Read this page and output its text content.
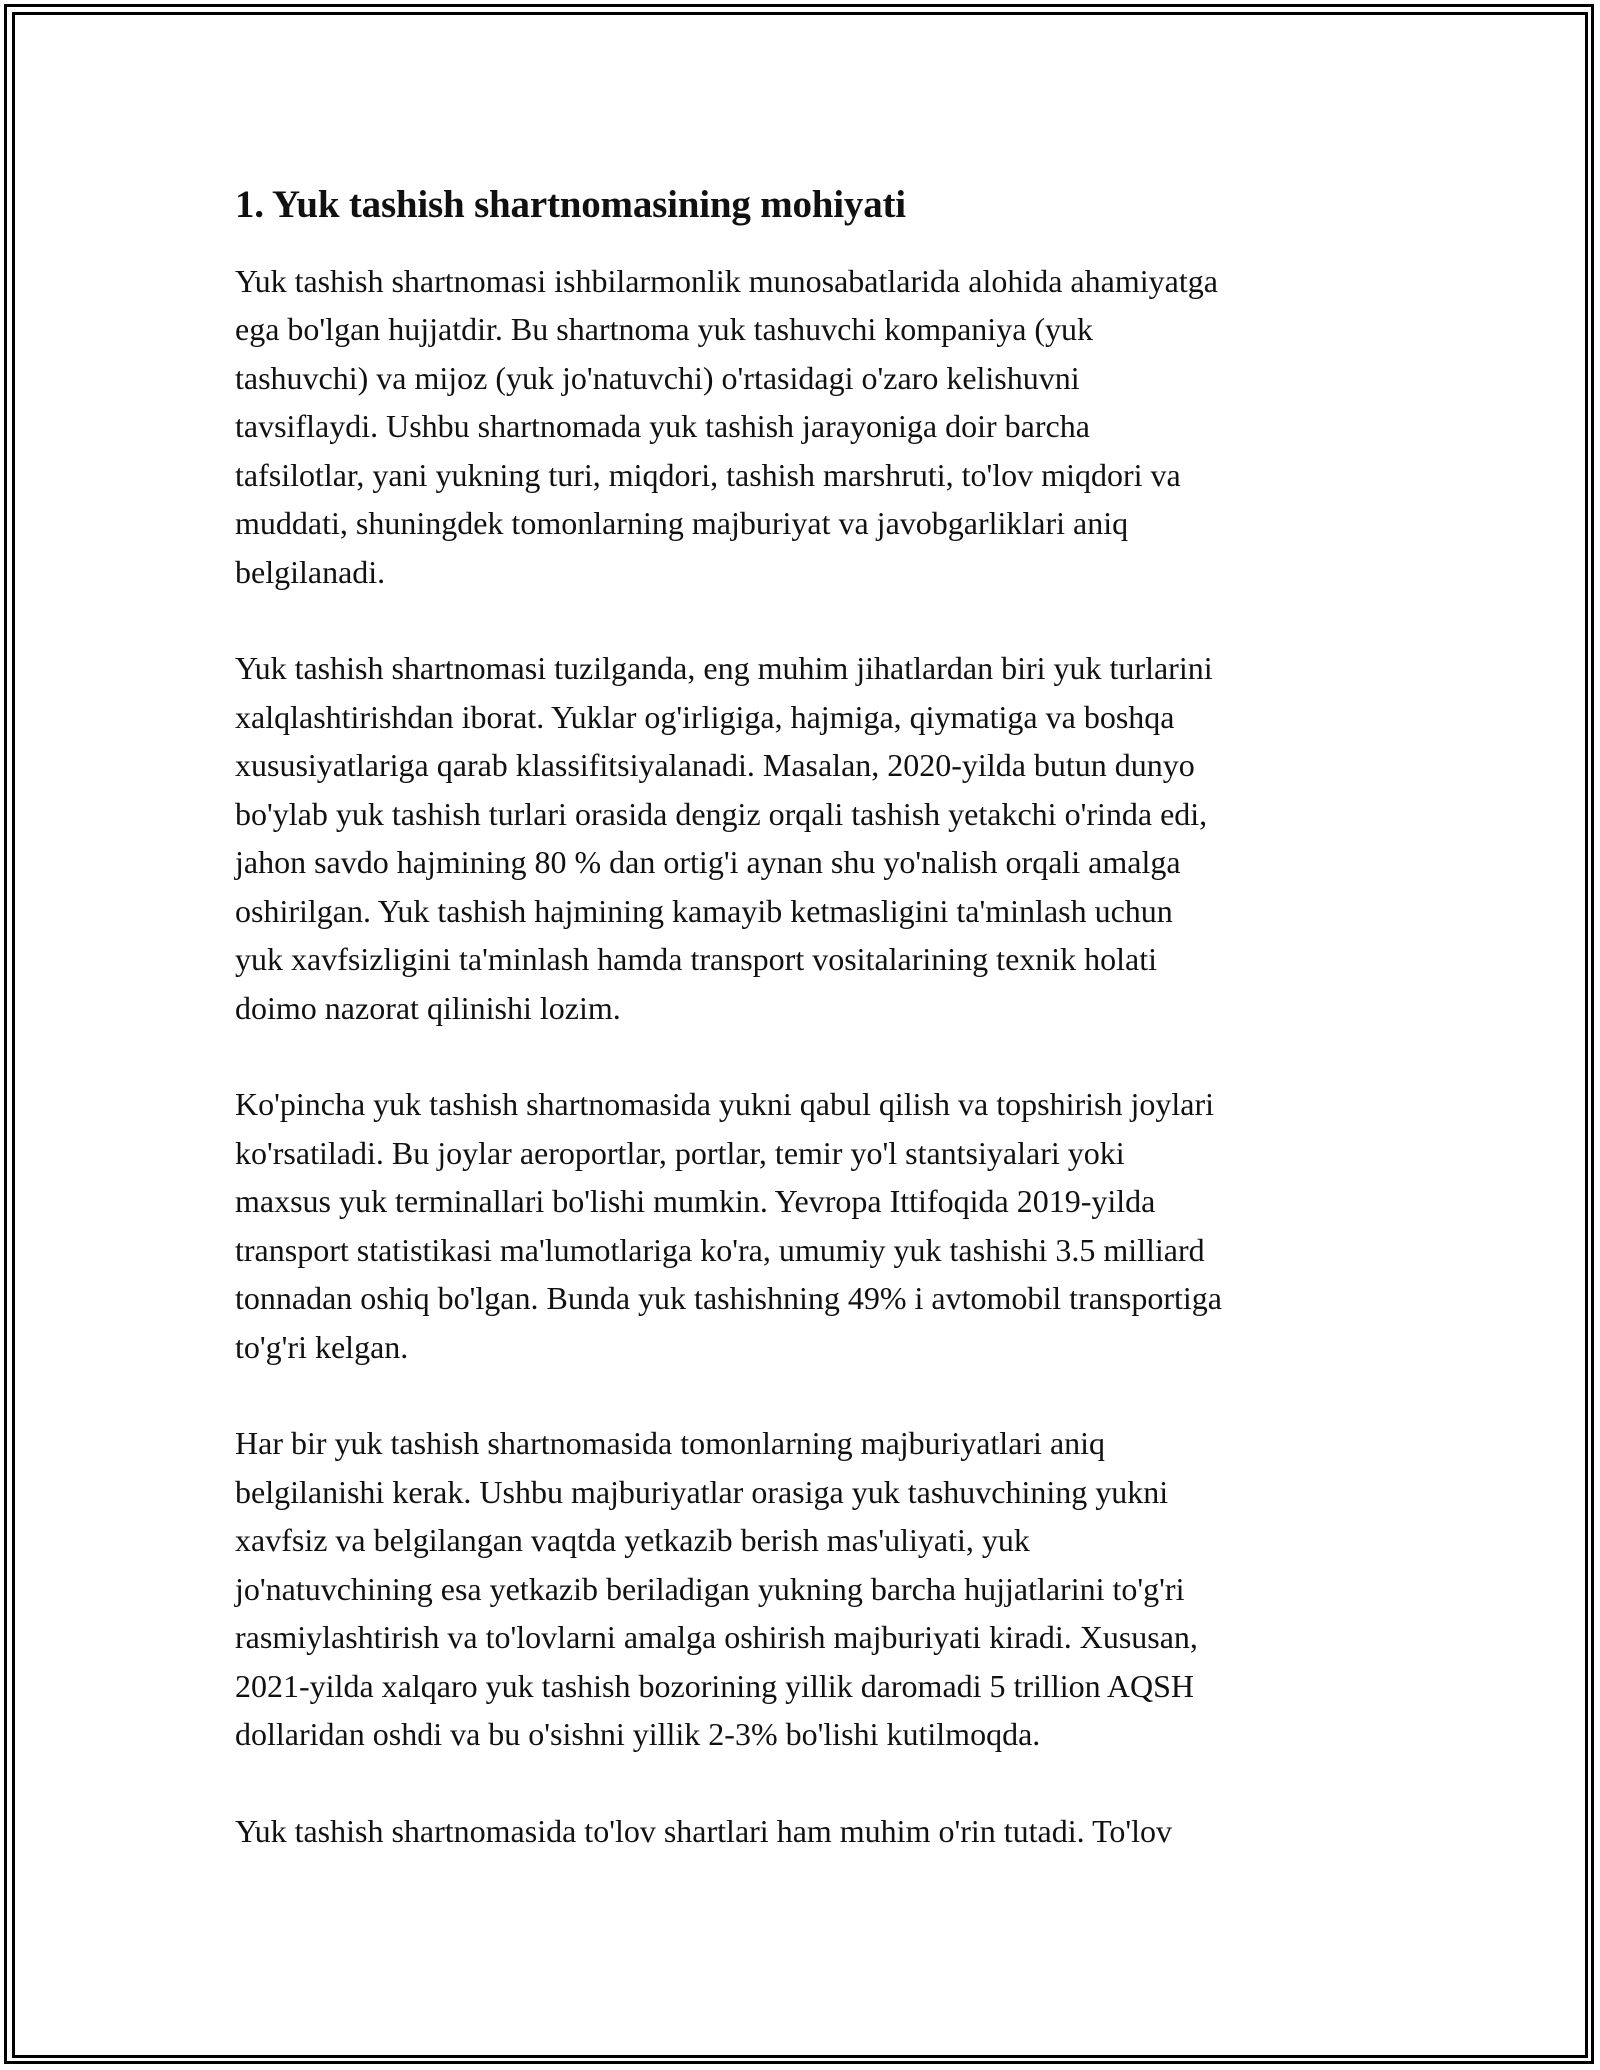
1. Yuk tashish shartnomasining mohiyati

Yuk tashish shartnomasi ishbilarmonlik munosabatlarida alohida ahamiyatga
ega bo'lgan hujjatdir. Bu shartnoma yuk tashuvchi kompaniya (yuk
tashuvchi) va mijoz (yuk jo'natuvchi) o'rtasidagi o'zaro kelishuvni
tavsiflaydi. Ushbu shartnomada yuk tashish jarayoniga doir barcha
tafsilotlar, yani yukning turi, miqdori, tashish marshruti, to'lov miqdori va
muddati, shuningdek tomonlarning majburiyat va javobgarliklari aniq
belgilanadi.

Yuk tashish shartnomasi tuzilganda, eng muhim jihatlardan biri yuk turlarini
xalqlashtirishdan iborat. Yuklar og'irligiga, hajmiga, qiymatiga va boshqa
xususiyatlariga qarab klassifitsiyalanadi. Masalan, 2020-yilda butun dunyo
bo'ylab yuk tashish turlari orasida dengiz orqali tashish yetakchi o'rinda edi,
jahon savdo hajmining 80 % dan ortig'i aynan shu yo'nalish orqali amalga
oshirilgan. Yuk tashish hajmining kamayib ketmasligini ta'minlash uchun
yuk xavfsizligini ta'minlash hamda transport vositalarining texnik holati
doimo nazorat qilinishi lozim.

Ko'pincha yuk tashish shartnomasida yukni qabul qilish va topshirish joylari
ko'rsatiladi. Bu joylar aeroportlar, portlar, temir yo'l stantsiyalari yoki
maxsus yuk terminallari bo'lishi mumkin. Yevropa Ittifoqida 2019-yilda
transport statistikasi ma'lumotlariga ko'ra, umumiy yuk tashishi 3.5 milliard
tonnadan oshiq bo'lgan. Bunda yuk tashishning 49% i avtomobil transportiga
to'g'ri kelgan.

Har bir yuk tashish shartnomasida tomonlarning majburiyatlari aniq
belgilanishi kerak. Ushbu majburiyatlar orasiga yuk tashuvchining yukni
xavfsiz va belgilangan vaqtda yetkazib berish mas'uliyati, yuk
jo'natuvchining esa yetkazib beriladigan yukning barcha hujjatlarini to'g'ri
rasmiylashtirish va to'lovlarni amalga oshirish majburiyati kiradi. Xususan,
2021-yilda xalqaro yuk tashish bozorining yillik daromadi 5 trillion AQSH
dollaridan oshdi va bu o'sishni yillik 2-3% bo'lishi kutilmoqda.

Yuk tashish shartnomasida to'lov shartlari ham muhim o'rin tutadi. To'lov
